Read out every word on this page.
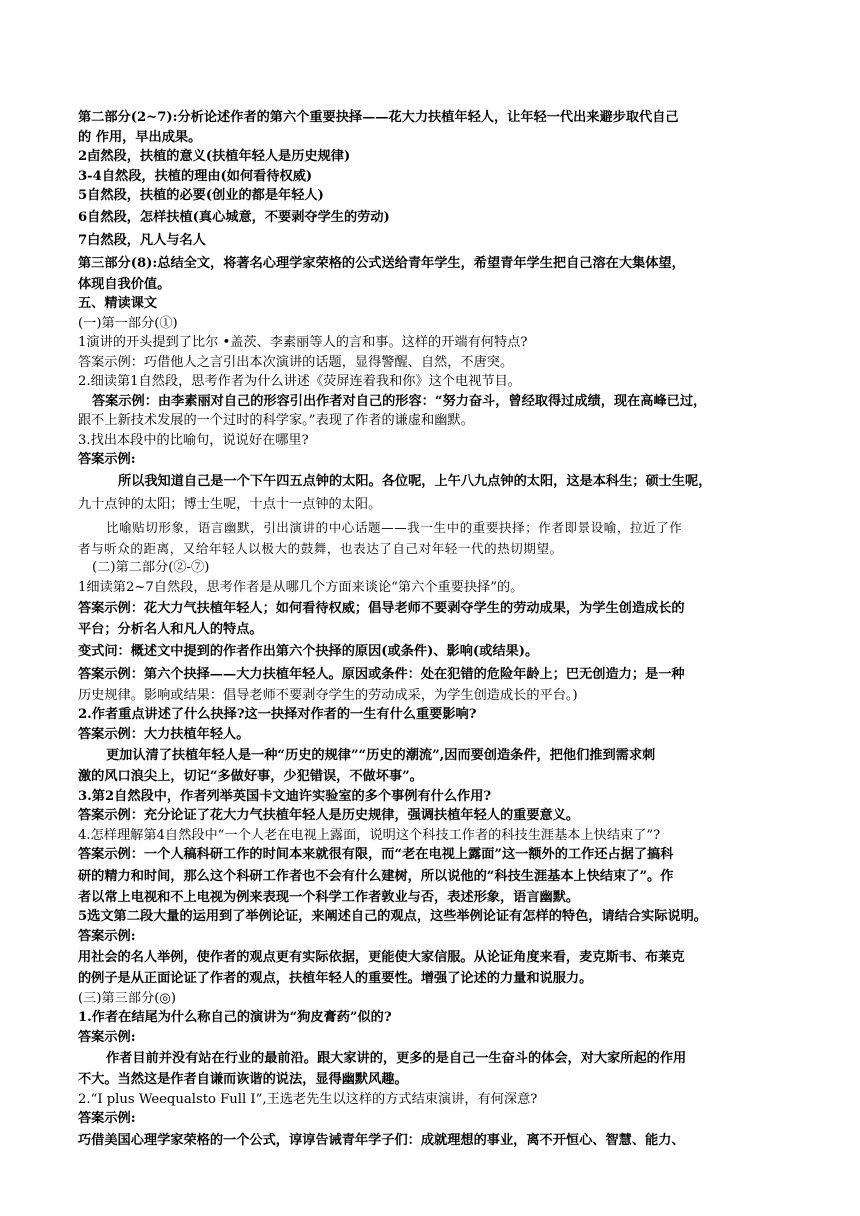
第二部分(2~7):分析论述作者的第六个重要抉择——花大力扶植年轻人，让年轻一代出来避步取代自己
的 作用，早出成果。
2卣然段，扶植的意义(扶植年轻人是历史规律)
3-4自然段，扶植的理由(如何看待权威)
5自然段，扶植的必要(创业的都是年轻人)
6自然段，怎样扶植(真心城意，不要剥夺学生的劳动)
7白然段，凡人与名人
第三部分(8):总结全文，将著名心理学家荣格的公式送给青年学生，希望青年学生把自己溶在大集体望，
体现自我价值。
五、精读课文
(一)第一部分(①)
1演讲的开头提到了比尔 •盖茨、李素丽等人的言和事。这样的开端有何特点?
答案示例：巧借他人之言引出本次演讲的话题，显得警醒、自然，不唐突。
2.细读第1自然段，思考作者为什么讲述《荧屏连着我和你》这个电视节目。
答案示例：由李素丽对自己的形容引出作者对自己的形容：“努力奋斗，曾经取得过成绩，现在高峰已过，
跟不上新技术发展的一个过时的科学家。”表现了作者的谦虚和幽默。
3.找出本段中的比喻句，说说好在哪里?
答案示例:
所以我知道自己是一个下午四五点钟的太阳。各位呢，上午八九点钟的太阳，这是本科生；硕士生呢，
九十点钟的太阳；博士生呢，十点十一点钟的太阳。
比喻贴切形象，语言幽默，引出演讲的中心话题——我一生中的重要抉择；作者即景设喻，拉近了作
者与听众的距离，又给年轻人以极大的鼓舞，也表达了自己对年轻一代的热切期望。
(二)第二部分(②-⑦)
1细读第2~7自然段，思考作者是从哪几个方面来谈论“第六个重要抉择”的。
答案示例：花大力气扶植年轻人；如何看待权威；倡导老师不要剥夺学生的劳动成果，为学生创造成长的
平台；分析名人和凡人的特点。
变式问：概述文中提到的作者作出第六个抉择的原因(或条件)、影响(或结果)。
答案示例：第六个抉择——大力扶植年轻人。原因或条件：处在犯错的危险年龄上；巴无创造力；是一种
历史规律。影响或结果：倡导老师不要剥夺学生的劳动成采，为学生创造成长的平台。)
2.作者重点讲述了什么抉择?这一抉择对作者的一生有什么重要影响?
答案示例：大力扶植年轻人。
更加认清了扶植年轻人是一种“历史的规律”“历史的潮流”,因而要创造条件，把他们推到需求刺
激的风口浪尖上，切记“多做好事，少犯错误，不做坏事”。
3.第2自然段中，作者列举英国卡文迪许实验室的多个事例有什么作用?
答案示例：充分论证了花大力气扶植年轻人是历史规律，强调扶植年轻人的重要意义。
4.怎样理解第4自然段中“一个人老在电视上露面，说明这个科技工作者的科技生涯基本上快结束了”?
答案示例：一个人稿科研工作的时间本来就很有限，而“老在电视上露面”这一额外的工作还占据了搞科
研的精力和时间，那么这个科研工作者也不会有什么建树，所以说他的“科技生涯基本上快结束了”。作
者以常上电视和不上电视为例来表现一个科学工作者敦业与否，表述形象，语言幽默。
5选文第二段大量的运用到了举例论证，来阐述自己的观点，这些举例论证有怎样的特色，请结合实际说明。
答案示例:
用社会的名人举例，使作者的观点更有实际依据，更能使大家信服。从论证角度来看，麦克斯韦、布莱克
的例子是从正面论证了作者的观点，扶植年轻人的重要性。增强了论述的力量和说服力。
(三)第三部分(◎)
1.作者在结尾为什么称自己的演讲为“狗皮膏药”似的?
答案示例:
作者目前并没有站在行业的最前沿。跟大家讲的，更多的是自己一生奋斗的体会，对大家所起的作用
不大。当然这是作者自谦而诙谐的说法，显得幽默风趣。
2.“I plus Weequalsto Full I”,王选老先生以这样的方式结束演讲，有何深意?
答案示例:
巧借美国心理学家荣格的一个公式，谆谆告诫青年学子们：成就理想的事业，离不开恒心、智慧、能力、
